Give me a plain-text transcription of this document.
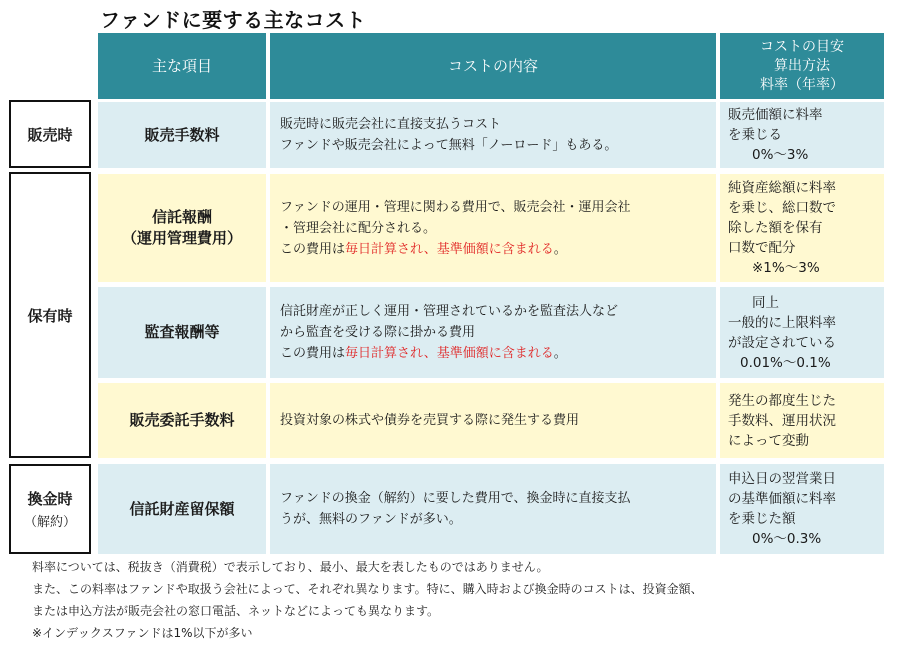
ファンドに要する主なコスト
主な項目	コストの内容
コストの目安
算出方法
料率（年率）
販売時
保有時
換金時
（解約）
販売手数料
販売時に販売会社に直接支払うコスト
ファンドや販売会社によって無料「ノーロード」もある。
販売価額に料率
を乗じる
0%～3%
信託報酬
（運用管理費用）
ファンドの運用・管理に関わる費用で、販売会社・運用会社
・管理会社に配分される。
この費用は毎日計算され、基準価額に含まれる。
純資産総額に料率
を乗じ、総口数で
除した額を保有
口数で配分
※1%～3%
監査報酬等
信託財産が正しく運用・管理されているかを監査法人など
から監査を受ける際に掛かる費用
この費用は毎日計算され、基準価額に含まれる。
同上
一般的に上限料率
が設定されている
0.01%～0.1%
販売委託手数料	投資対象の株式や債券を売買する際に発生する費用
発生の都度生じた
手数料、運用状況
によって変動
信託財産留保額
ファンドの換金（解約）に要した費用で、換金時に直接支払
うが、無料のファンドが多い。
申込日の翌営業日
の基準価額に料率
を乗じた額
0%～0.3%
料率については、税抜き（消費税）で表示しており、最小、最大を表したものではありません。
また、この料率はファンドや取扱う会社によって、それぞれ異なります。特に、購入時および換金時のコストは、投資金額、
または申込方法が販売会社の窓口電話、ネットなどによっても異なります。
※インデックスファンドは1%以下が多い
